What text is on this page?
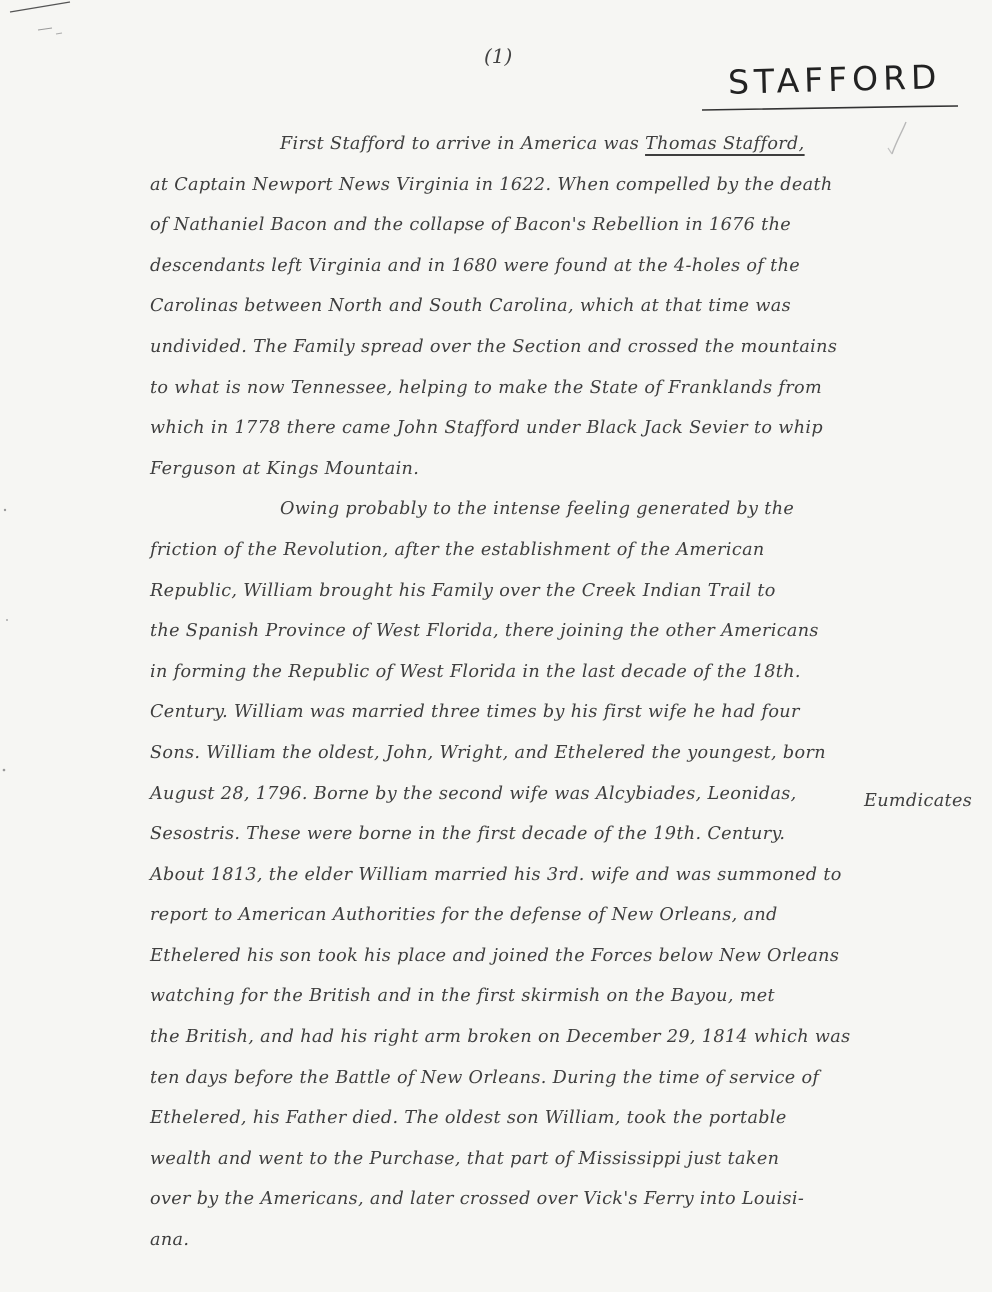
(1)
STAFFORD
First Stafford to arrive in America was Thomas Stafford,
at Captain Newport News Virginia in 1622. When compelled by the death
of Nathaniel Bacon and the collapse of Bacon's Rebellion in 1676 the
descendants left Virginia and in 1680 were found at the 4-holes of the
Carolinas between North and South Carolina, which at that time was
undivided. The Family spread over the Section and crossed the mountains
to what is now Tennessee, helping to make the State of Franklands from
which in 1778 there came John Stafford under Black Jack Sevier to whip
Ferguson at Kings Mountain.
Owing probably to the intense feeling generated by the
friction of the Revolution, after the establishment of the American
Republic, William brought his Family over the Creek Indian Trail to
the Spanish Province of West Florida, there joining the other Americans
in forming the Republic of West Florida in the last decade of the 18th.
Century. William was married three times by his first wife he had four
Sons. William the oldest, John, Wright, and Ethelered the youngest, born
August 28, 1796. Borne by the second wife was Alcybiades, Leonidas,	Eumdicates
Sesostris. These were borne in the first decade of the 19th. Century.
About 1813, the elder William married his 3rd. wife and was summoned to
report to American Authorities for the defense of New Orleans, and
Ethelered his son took his place and joined the Forces below New Orleans
watching for the British and in the first skirmish on the Bayou, met
the British, and had his right arm broken on December 29, 1814 which was
ten days before the Battle of New Orleans. During the time of service of
Ethelered, his Father died. The oldest son William, took the portable
wealth and went to the Purchase, that part of Mississippi just taken
over by the Americans, and later crossed over Vick's Ferry into Louisi-
ana.
